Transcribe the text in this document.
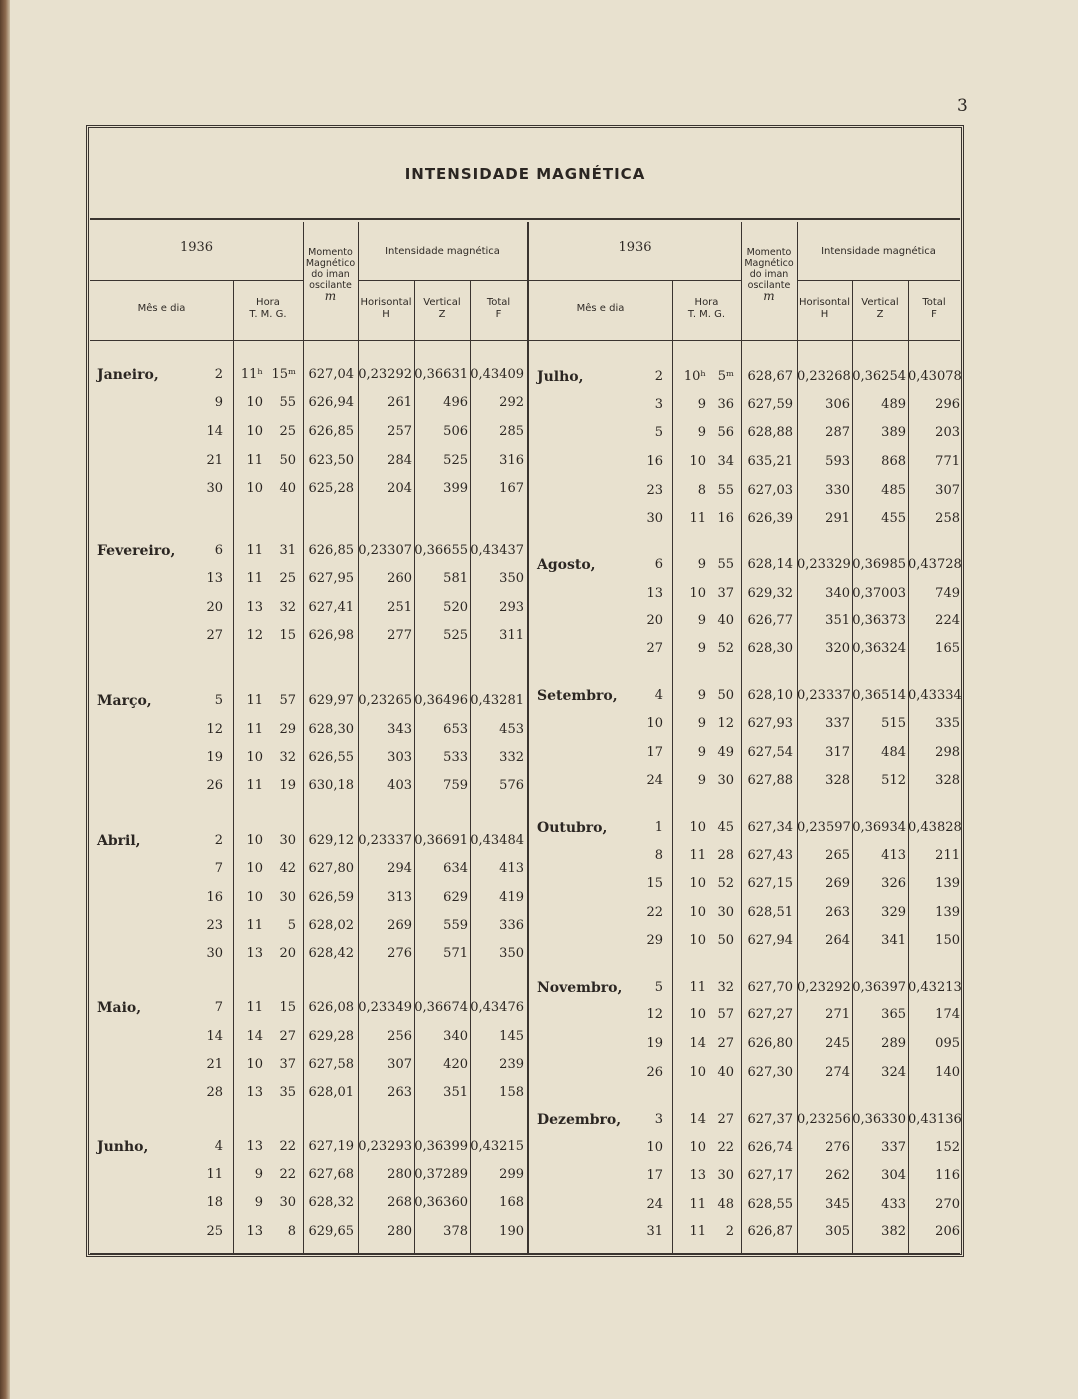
3
INTENSIDADE MAGNÉTICA
1936
Mês e dia
Hora
T. M. G.
Momento
Magnético
do iman
oscilante
m
Intensidade magnética
Horisontal
H
Vertical
Z
Total
F
1936
Mês e dia
Hora
T. M. G.
Momento
Magnético
do iman
oscilante
m
Intensidade magnética
Horisontal
H
Vertical
Z
Total
F
Janeiro,	2	11ʰ 15ᵐ 627,04 0,23292 0,36631 0,43409
9	10	55 626,94	261	496	292
14	10	25 626,85	257	506	285
21	11	50 623,50	284	525	316
30	10	40 625,28	204	399	167
Fevereiro,	6	11	31 626,85 0,23307 0,36655 0,43437
13	11	25 627,95	260	581	350
20	13	32 627,41	251	520	293
27	12	15 626,98	277	525	311
Março,	5	11	57 629,97 0,23265 0,36496 0,43281
12	11	29 628,30	343	653	453
19	10	32 626,55	303	533	332
26	11	19 630,18	403	759	576
Abril,	2	10	30 629,12 0,23337 0,36691 0,43484
7	10	42 627,80	294	634	413
16	10	30 626,59	313	629	419
23	11	5 628,02	269	559	336
30	13	20 628,42	276	571	350
Maio,	7	11	15 626,08 0,23349 0,36674 0,43476
14	14	27 629,28	256	340	145
21	10	37 627,58	307	420	239
28	13	35 628,01	263	351	158
Junho,	4	13	22 627,19 0,23293 0,36399 0,43215
11	9	22 627,68	280 0,37289	299
18	9	30 628,32	268 0,36360	168
25	13	8 629,65	280	378	190
Julho,	2	10ʰ 5ᵐ	628,67 0,23268 0,36254 0,43078
3	9 36	627,59	306	489	296
5	9 56	628,88	287	389	203
16	10 34	635,21	593	868	771
23	8 55	627,03	330	485	307
30	11 16	626,39	291	455	258
Agosto,	6	9 55	628,14 0,23329 0,36985 0,43728
13	10 37	629,32	340 0,37003	749
20	9 40	626,77	351 0,36373	224
27	9 52	628,30	320 0,36324	165
Setembro,	4	9 50	628,10 0,23337 0,36514 0,43334
10	9 12	627,93	337	515	335
17	9 49	627,54	317	484	298
24	9 30	627,88	328	512	328
Outubro,	1	10 45	627,34 0,23597 0,36934 0,43828
8	11 28	627,43	265	413	211
15	10 52	627,15	269	326	139
22	10 30	628,51	263	329	139
29	10 50	627,94	264	341	150
Novembro,	5	11 32	627,70 0,23292 0,36397 0,43213
12	10 57	627,27	271	365	174
19	14 27	626,80	245	289	095
26	10 40	627,30	274	324	140
Dezembro,	3	14 27	627,37 0,23256 0,36330 0,43136
10	10 22	626,74	276	337	152
17	13 30	627,17	262	304	116
24	11 48	628,55	345	433	270
31	11	2	626,87	305	382	206
